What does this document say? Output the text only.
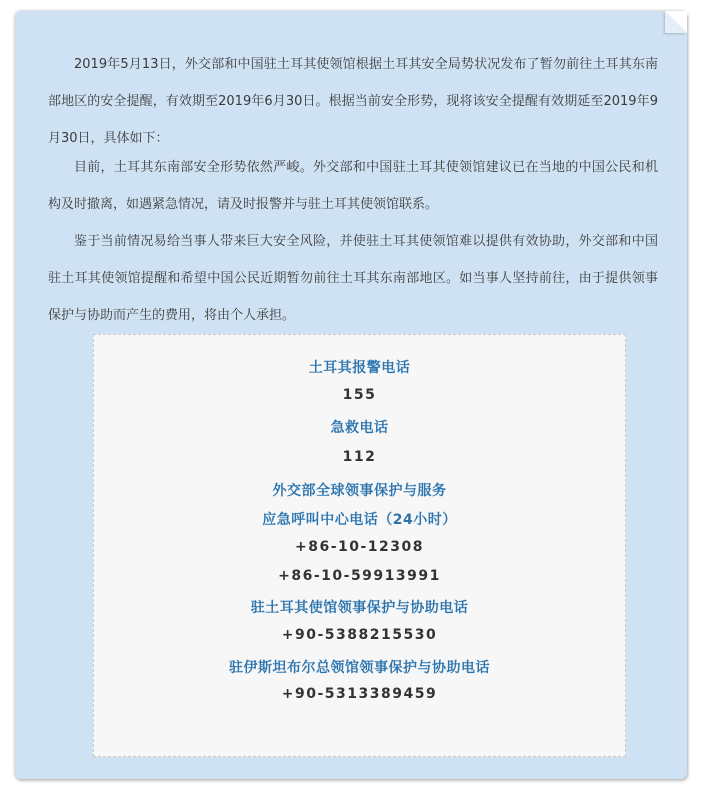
2019年5月13日，外交部和中国驻土耳其使领馆根据土耳其安全局势状况发布了暂勿前往土耳其东南部地区的安全提醒，有效期至2019年6月30日。根据当前安全形势，现将该安全提醒有效期延至2019年9月30日，具体如下：

目前，土耳其东南部安全形势依然严峻。外交部和中国驻土耳其使领馆建议已在当地的中国公民和机构及时撤离，如遇紧急情况，请及时报警并与驻土耳其使领馆联系。

鉴于当前情况易给当事人带来巨大安全风险，并使驻土耳其使领馆难以提供有效协助，外交部和中国驻土耳其使领馆提醒和希望中国公民近期暂勿前往土耳其东南部地区。如当事人坚持前往，由于提供领事保护与协助而产生的费用，将由个人承担。

土耳其报警电话
155
急救电话
112
外交部全球领事保护与服务
应急呼叫中心电话（24小时）
+86-10-12308
+86-10-59913991
驻土耳其使馆领事保护与协助电话
+90-5388215530
驻伊斯坦布尔总领馆领事保护与协助电话
+90-5313389459
